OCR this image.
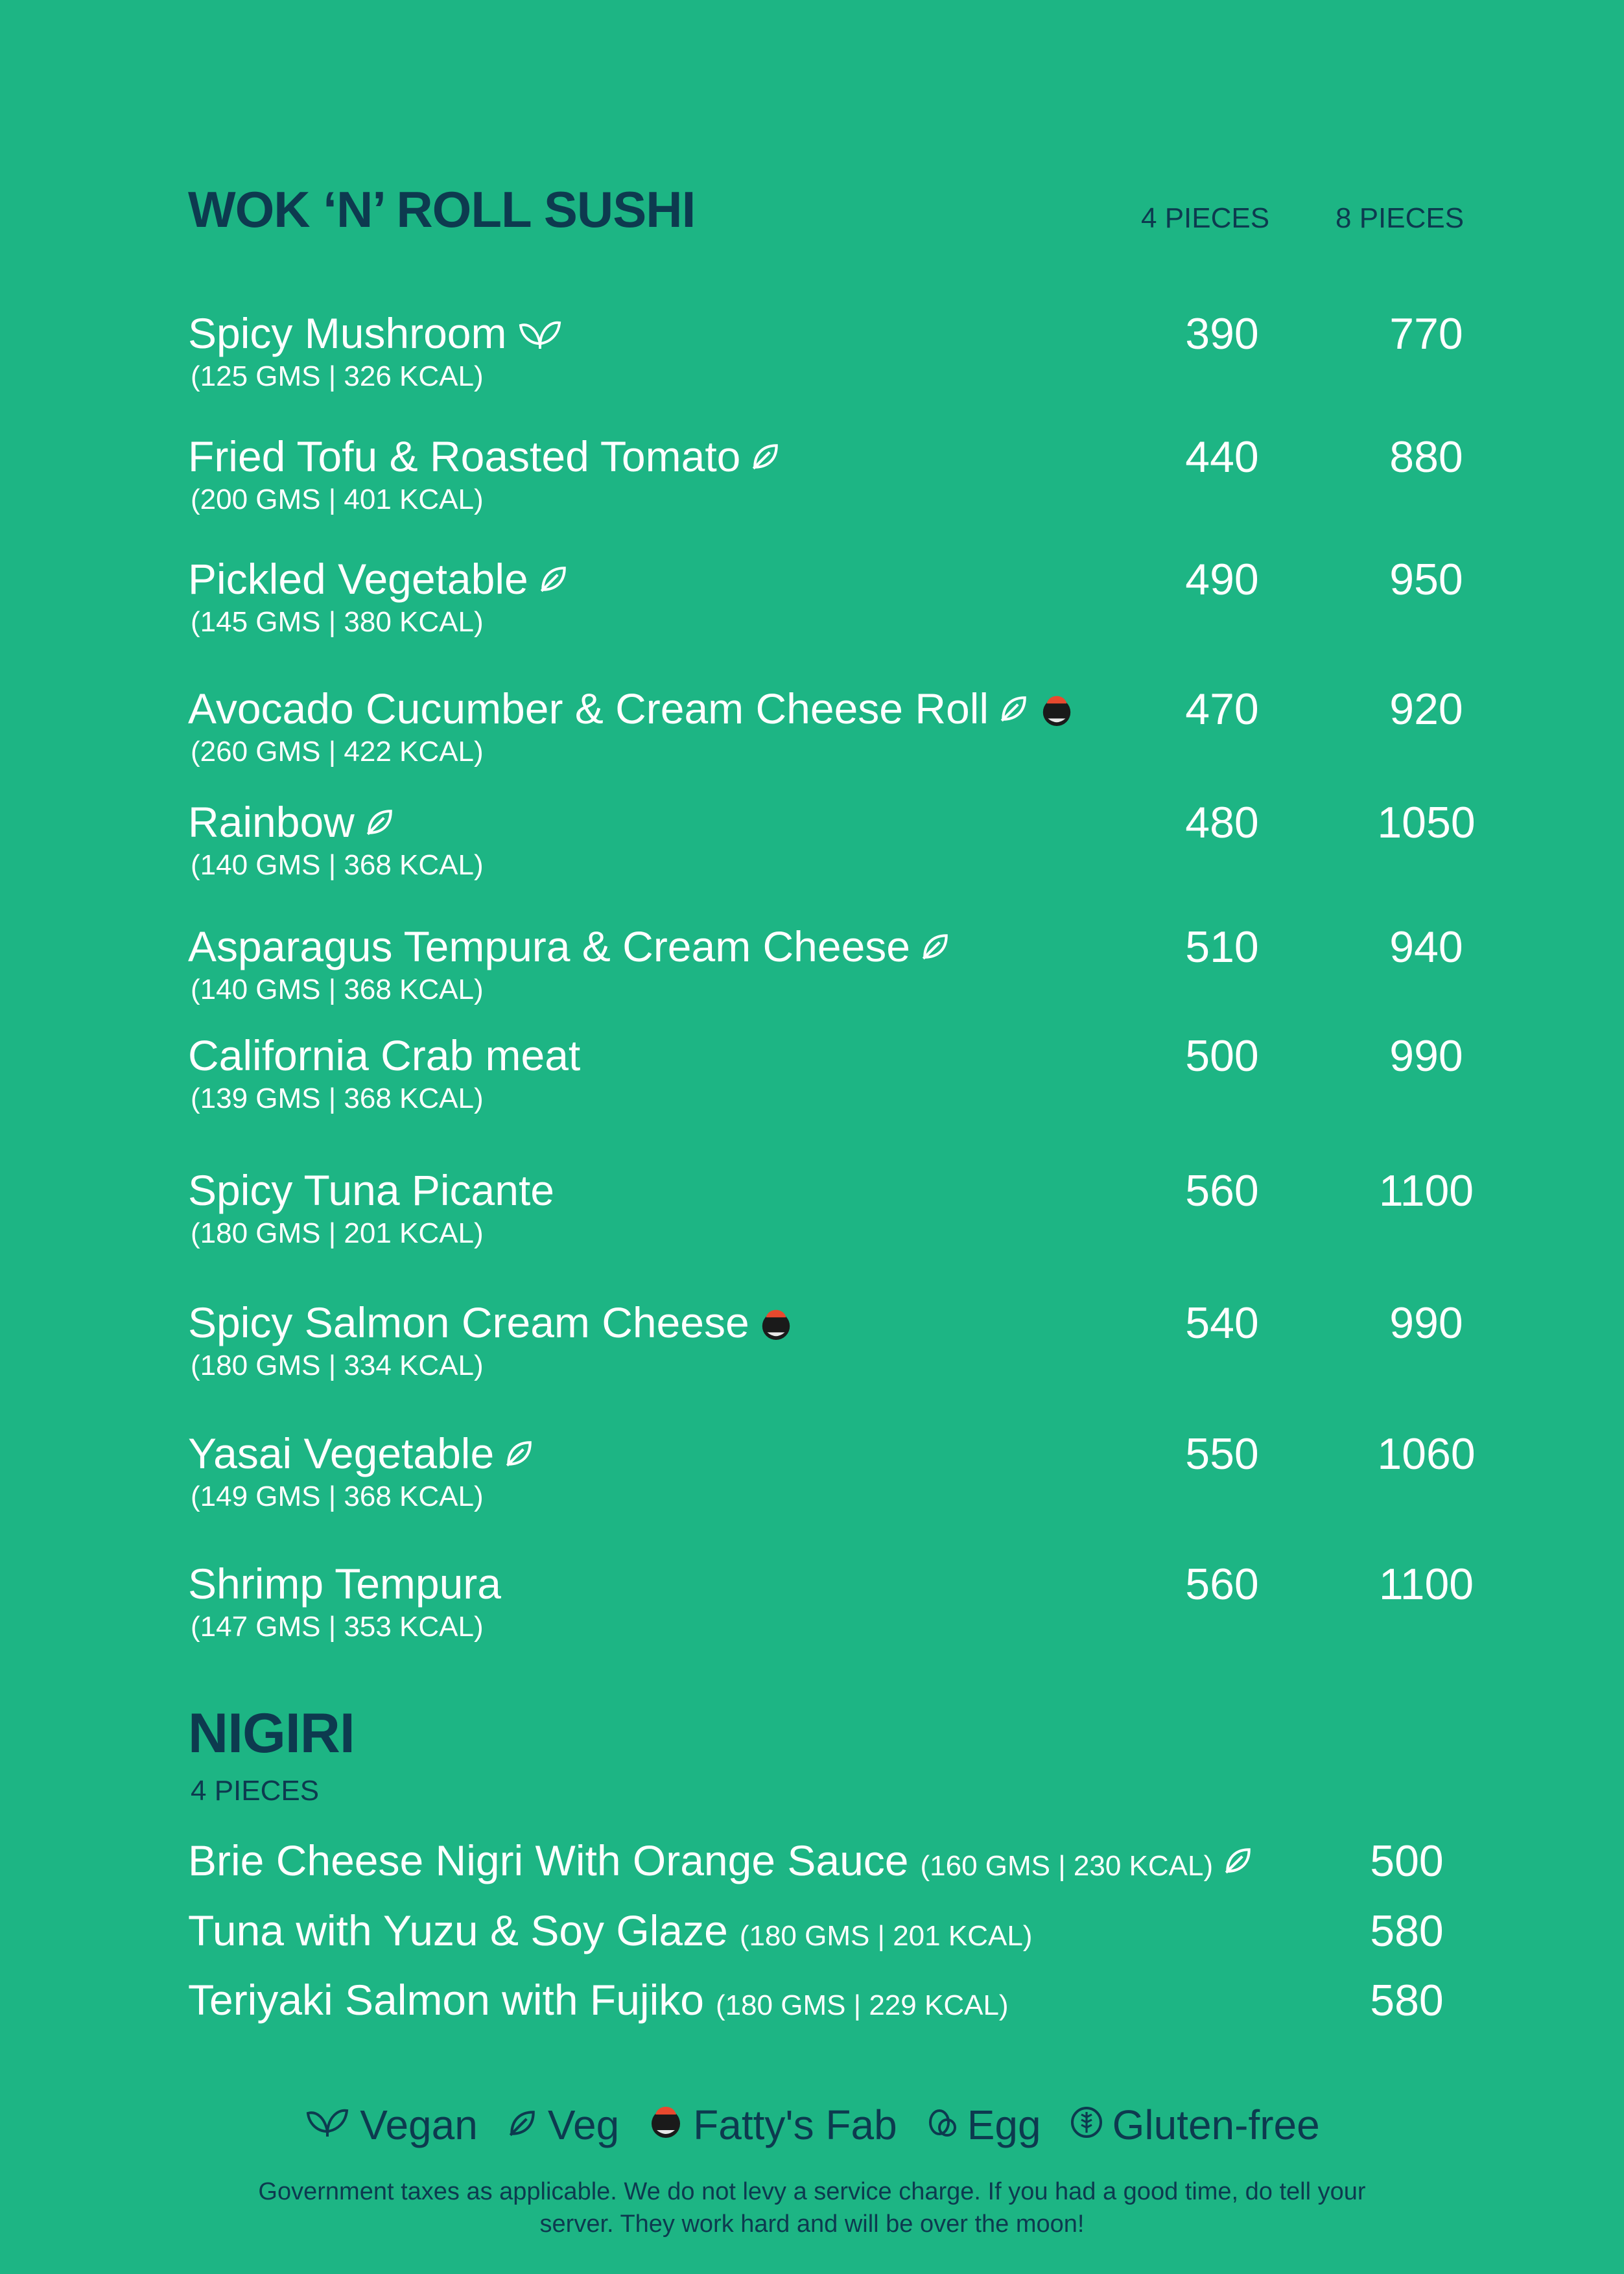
WOK ‘N’ ROLL SUSHI	4 PIECES 8 PIECES
Spicy Mushroom
(125 GMS | 326 KCAL)
390	770
Fried Tofu & Roasted Tomato
(200 GMS | 401 KCAL)
440	880
Pickled Vegetable
(145 GMS | 380 KCAL)
490	950
Avocado Cucumber & Cream Cheese Roll
(260 GMS | 422 KCAL)
470	920
Rainbow
(140 GMS | 368 KCAL)
480	1050
Asparagus Tempura & Cream Cheese
(140 GMS | 368 KCAL)
510	940
California Crab meat
(139 GMS | 368 KCAL)
500	990
Spicy Tuna Picante
(180 GMS | 201 KCAL)
560	1100
Spicy Salmon Cream Cheese
(180 GMS | 334 KCAL)
540	990
Yasai Vegetable
(149 GMS | 368 KCAL)
550	1060
Shrimp Tempura
(147 GMS | 353 KCAL)
560	1100
NIGIRI
4 PIECES
Brie Cheese Nigri With Orange Sauce (160 GMS | 230 KCAL)	500
Tuna with Yuzu & Soy Glaze (180 GMS | 201 KCAL)	580
Teriyaki Salmon with Fujiko (180 GMS | 229 KCAL)	580
Vegan Veg Fatty's Fab Egg Gluten-free
Government taxes as applicable. We do not levy a service charge. If you had a good time, do tell your server. They work hard and will be over the moon!
